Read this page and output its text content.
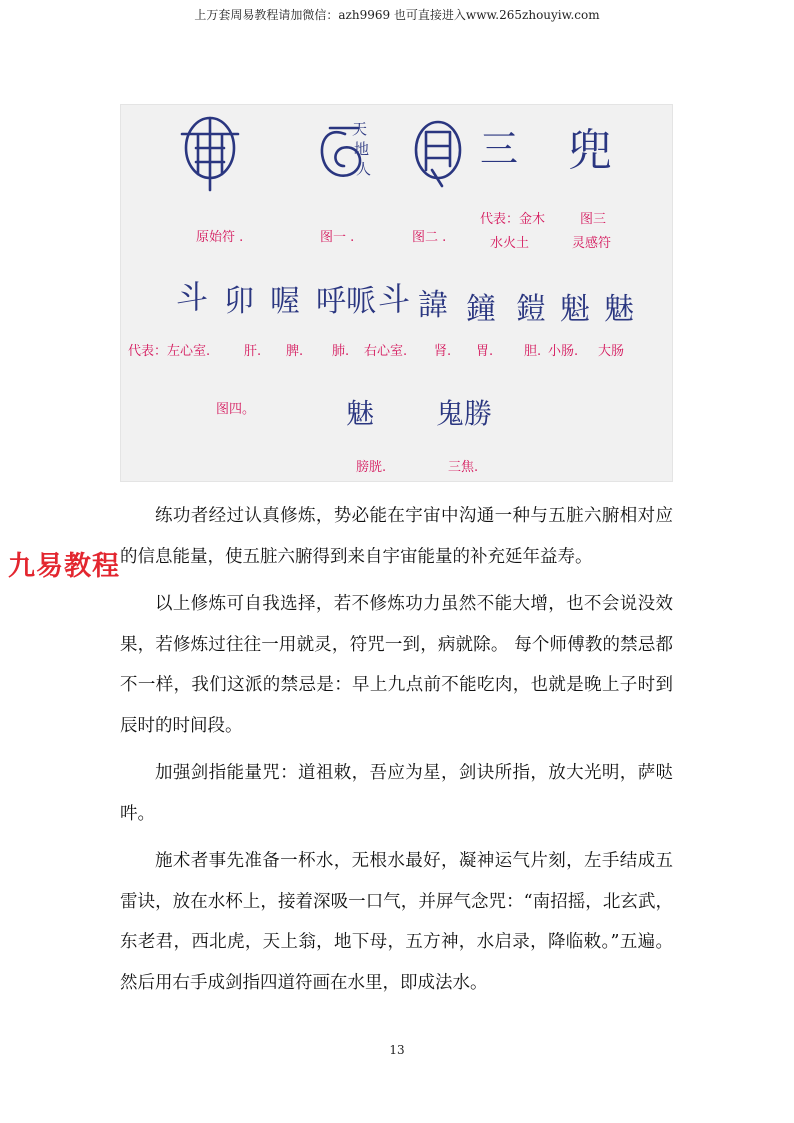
上万套周易教程请加微信：azh9969 也可直接进入www.265zhouyiw.com
三 兜
天
地
人
原始符 .	图一 .	图二 .
代表：金木
水火土
图三
灵感符
斗 卯 喔 呼哌 斗 諱 鐘 鎧 魁 魅
代表：左心室.	肝. 脾. 肺. 右心室. 肾. 胃. 胆. 小肠. 大肠
图四。	魅 鬼勝
膀胱.	三焦.
九易教程

练功者经过认真修炼，势必能在宇宙中沟通一种与五脏六腑相对应的信息能量，使五脏六腑得到来自宇宙能量的补充延年益寿。

以上修炼可自我选择，若不修炼功力虽然不能大增，也不会说没效果，若修炼过往往一用就灵，符咒一到，病就除。 每个师傅教的禁忌都不一样，我们这派的禁忌是：早上九点前不能吃肉，也就是晚上子时到辰时的时间段。

加强剑指能量咒：道祖敕，吾应为星，剑诀所指，放大光明，萨哒吽。

施术者事先准备一杯水，无根水最好，凝神运气片刻，左手结成五雷诀，放在水杯上，接着深吸一口气，并屏气念咒：“南招摇，北玄武，东老君，西北虎，天上翁，地下母，五方神，水启录，降临敕。”五遍。然后用右手成剑指四道符画在水里，即成法水。

13
